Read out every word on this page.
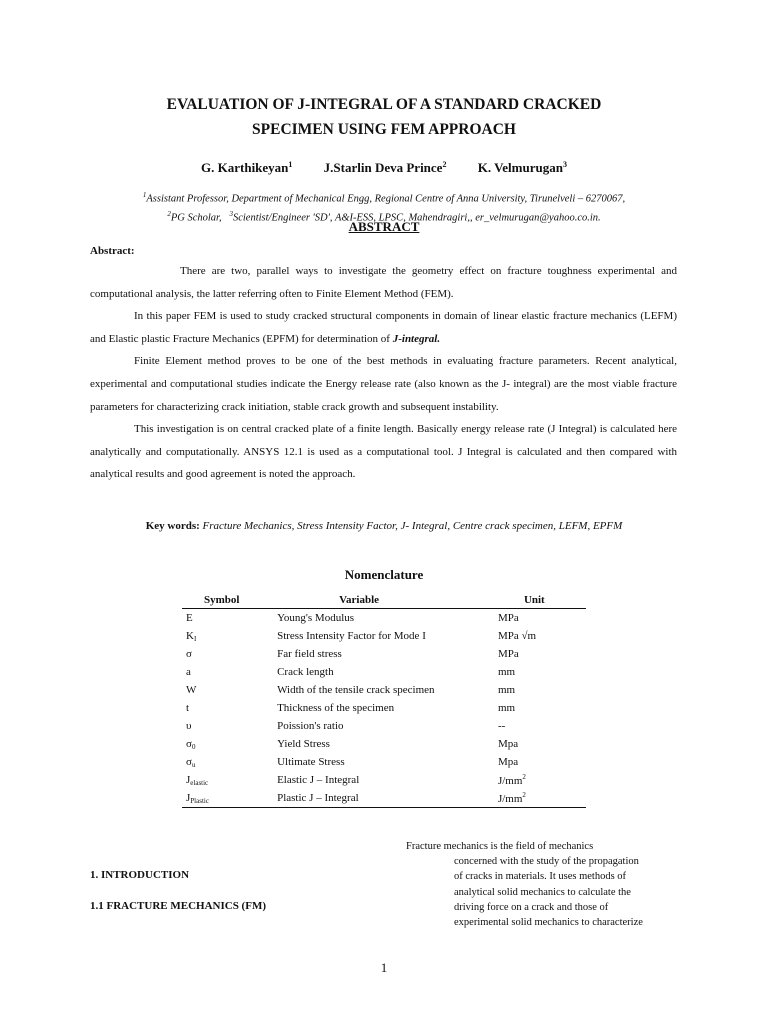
EVALUATION OF J-INTEGRAL OF A STANDARD CRACKED
SPECIMEN USING FEM APPROACH
G. Karthikeyan$^1$ J.Starlin Deva Prince$^2$ K. Velmurugan$^3$
$^1$Assistant Professor, Department of Mechanical Engg, Regional Centre of Anna University, Tirunelveli – 6270067,
$^2$PG Scholar, $^3$Scientist/Engineer 'SD', A&I-ESS, LPSC, Mahendragiri,, er_velmurugan@yahoo.co.in.
ABSTRACT
Abstract:

There are two, parallel ways to investigate the geometry effect on fracture toughness experimental and computational analysis, the latter referring often to Finite Element Method (FEM).

In this paper FEM is used to study cracked structural components in domain of linear elastic fracture mechanics (LEFM) and Elastic plastic Fracture Mechanics (EPFM) for determination of J-integral.

Finite Element method proves to be one of the best methods in evaluating fracture parameters. Recent analytical, experimental and computational studies indicate the Energy release rate (also known as the J- integral) are the most viable fracture parameters for characterizing crack initiation, stable crack growth and subsequent instability.

This investigation is on central cracked plate of a finite length. Basically energy release rate (J Integral) is calculated here analytically and computationally. ANSYS 12.1 is used as a computational tool. J Integral is calculated and then compared with analytical results and good agreement is noted the approach.

Key words: Fracture Mechanics, Stress Intensity Factor, J- Integral, Centre crack specimen, LEFM, EPFM
Nomenclature
Symbol	Variable	Unit
E	Young's Modulus	MPa
$K_I$	Stress Intensity Factor for Mode I	MPa √m
σ	Far field stress	MPa
a	Crack length	mm
W	Width of the tensile crack specimen	mm
t	Thickness of the specimen	mm
υ	Poission's ratio	--
$\sigma_0$	Yield Stress	Mpa
$\sigma_u$	Ultimate Stress	Mpa
$J_{elastic}$	Elastic J – Integral	$J/mm^2$
$J_{Plastic}$	Plastic J – Integral	$J/mm^2$
1. INTRODUCTION
1.1 FRACTURE MECHANICS (FM)
Fracture mechanics is the field of mechanics
concerned with the study of the propagation
of cracks in materials. It uses methods of
analytical solid mechanics to calculate the
driving force on a crack and those of
experimental solid mechanics to characterize
1
